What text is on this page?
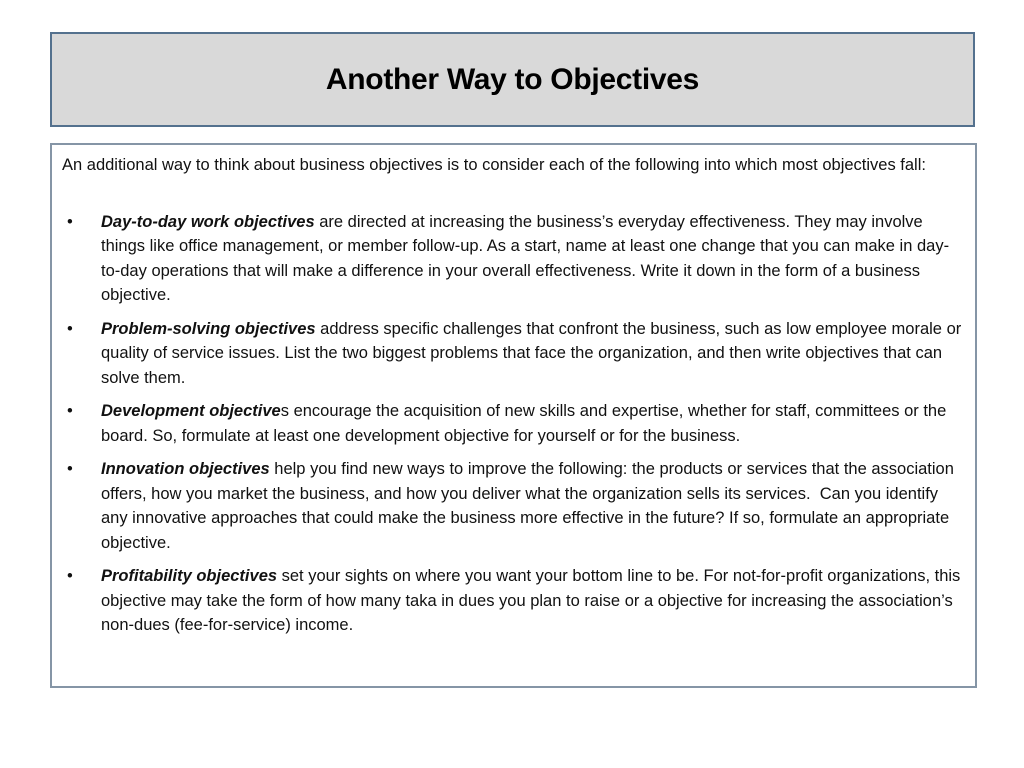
Another Way to Objectives

An additional way to think about business objectives is to consider each of the following into which most objectives fall:

• Day-to-day work objectives are directed at increasing the business’s everyday effectiveness. They may involve things like office management, or member follow-up. As a start, name at least one change that you can make in day-to-day operations that will make a difference in your overall effectiveness. Write it down in the form of a business objective.
• Problem-solving objectives address specific challenges that confront the business, such as low employee morale or quality of service issues. List the two biggest problems that face the organization, and then write objectives that can solve them.
• Development objectives encourage the acquisition of new skills and expertise, whether for staff, committees or the board. So, formulate at least one development objective for yourself or for the business.
• Innovation objectives help you find new ways to improve the following: the products or services that the association offers, how you market the business, and how you deliver what the organization sells its services.  Can you identify any innovative approaches that could make the business more effective in the future? If so, formulate an appropriate objective.
• Profitability objectives set your sights on where you want your bottom line to be. For not-for-profit organizations, this objective may take the form of how many taka in dues you plan to raise or a objective for increasing the association’s non-dues (fee-for-service) income.
